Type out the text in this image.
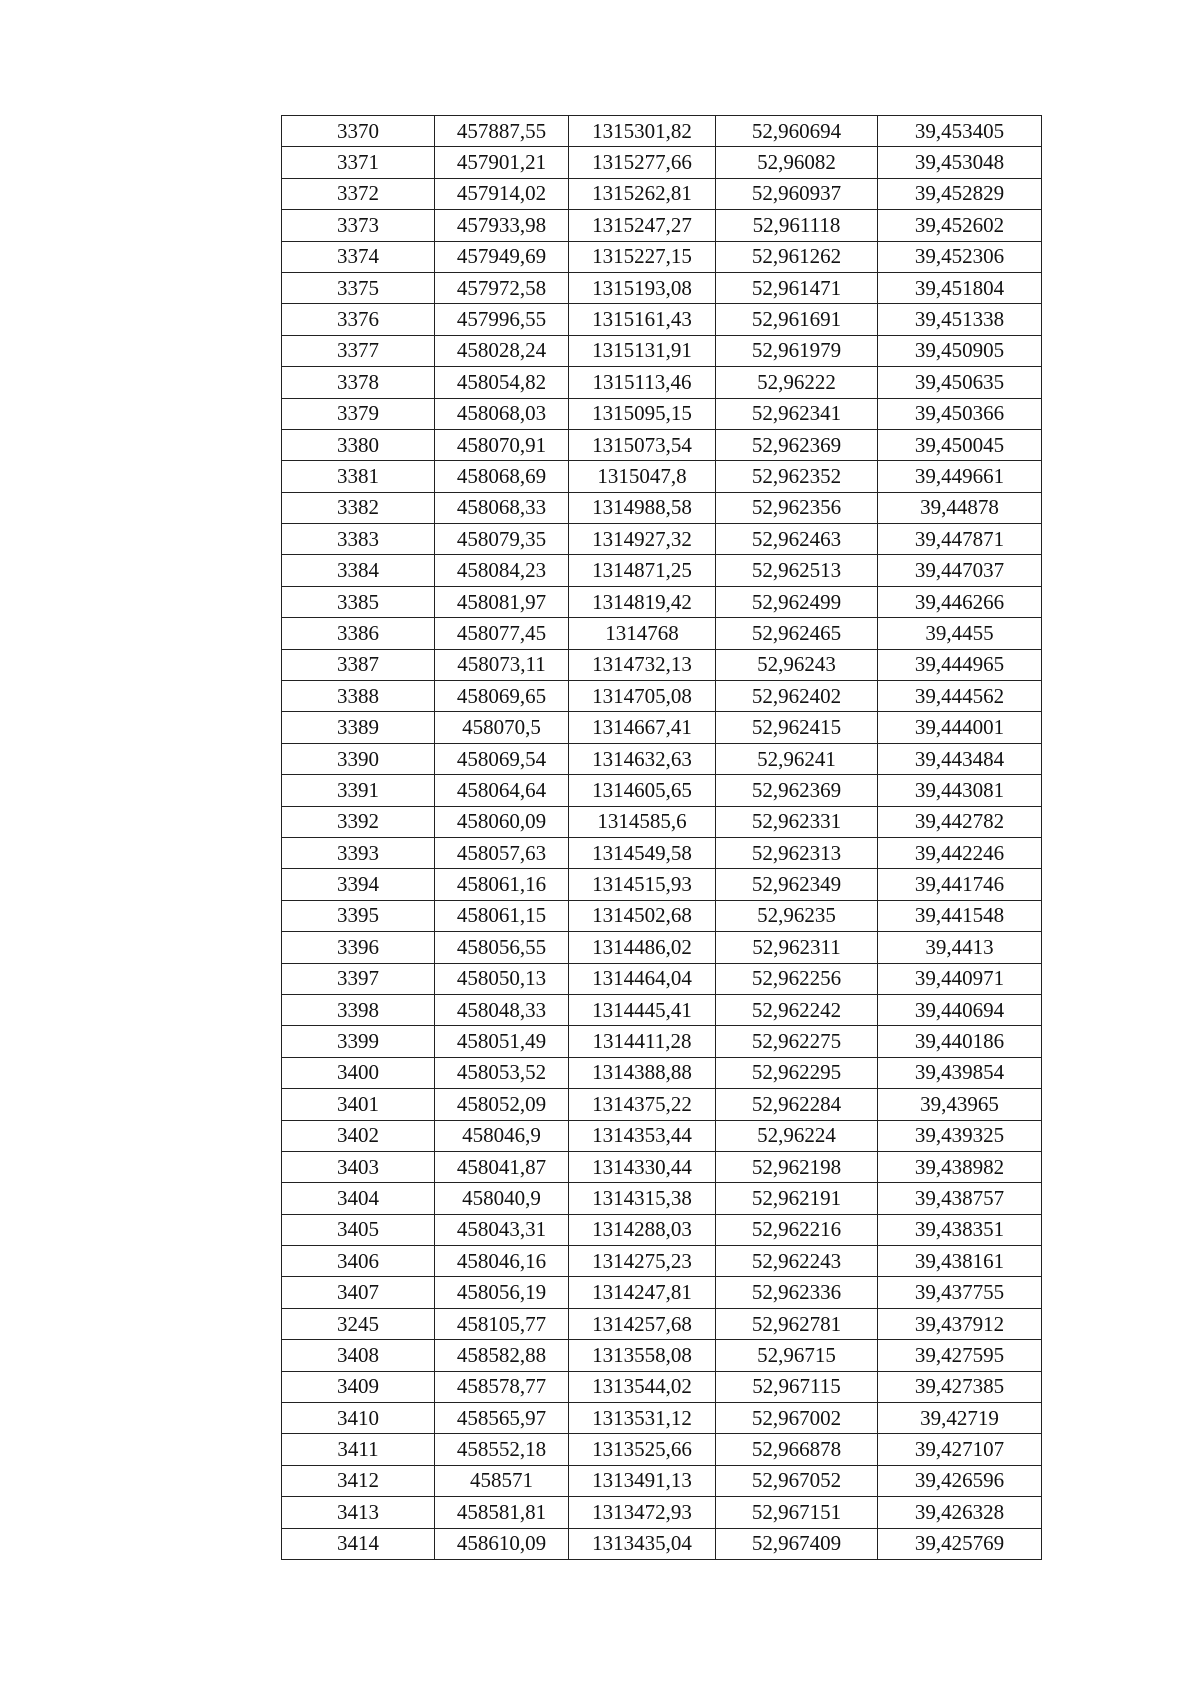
3370	457887,55	1315301,82	52,960694	39,453405
3371	457901,21	1315277,66	52,96082	39,453048
3372	457914,02	1315262,81	52,960937	39,452829
3373	457933,98	1315247,27	52,961118	39,452602
3374	457949,69	1315227,15	52,961262	39,452306
3375	457972,58	1315193,08	52,961471	39,451804
3376	457996,55	1315161,43	52,961691	39,451338
3377	458028,24	1315131,91	52,961979	39,450905
3378	458054,82	1315113,46	52,96222	39,450635
3379	458068,03	1315095,15	52,962341	39,450366
3380	458070,91	1315073,54	52,962369	39,450045
3381	458068,69	1315047,8	52,962352	39,449661
3382	458068,33	1314988,58	52,962356	39,44878
3383	458079,35	1314927,32	52,962463	39,447871
3384	458084,23	1314871,25	52,962513	39,447037
3385	458081,97	1314819,42	52,962499	39,446266
3386	458077,45	1314768	52,962465	39,4455
3387	458073,11	1314732,13	52,96243	39,444965
3388	458069,65	1314705,08	52,962402	39,444562
3389	458070,5	1314667,41	52,962415	39,444001
3390	458069,54	1314632,63	52,96241	39,443484
3391	458064,64	1314605,65	52,962369	39,443081
3392	458060,09	1314585,6	52,962331	39,442782
3393	458057,63	1314549,58	52,962313	39,442246
3394	458061,16	1314515,93	52,962349	39,441746
3395	458061,15	1314502,68	52,96235	39,441548
3396	458056,55	1314486,02	52,962311	39,4413
3397	458050,13	1314464,04	52,962256	39,440971
3398	458048,33	1314445,41	52,962242	39,440694
3399	458051,49	1314411,28	52,962275	39,440186
3400	458053,52	1314388,88	52,962295	39,439854
3401	458052,09	1314375,22	52,962284	39,43965
3402	458046,9	1314353,44	52,96224	39,439325
3403	458041,87	1314330,44	52,962198	39,438982
3404	458040,9	1314315,38	52,962191	39,438757
3405	458043,31	1314288,03	52,962216	39,438351
3406	458046,16	1314275,23	52,962243	39,438161
3407	458056,19	1314247,81	52,962336	39,437755
3245	458105,77	1314257,68	52,962781	39,437912
3408	458582,88	1313558,08	52,96715	39,427595
3409	458578,77	1313544,02	52,967115	39,427385
3410	458565,97	1313531,12	52,967002	39,42719
3411	458552,18	1313525,66	52,966878	39,427107
3412	458571	1313491,13	52,967052	39,426596
3413	458581,81	1313472,93	52,967151	39,426328
3414	458610,09	1313435,04	52,967409	39,425769
